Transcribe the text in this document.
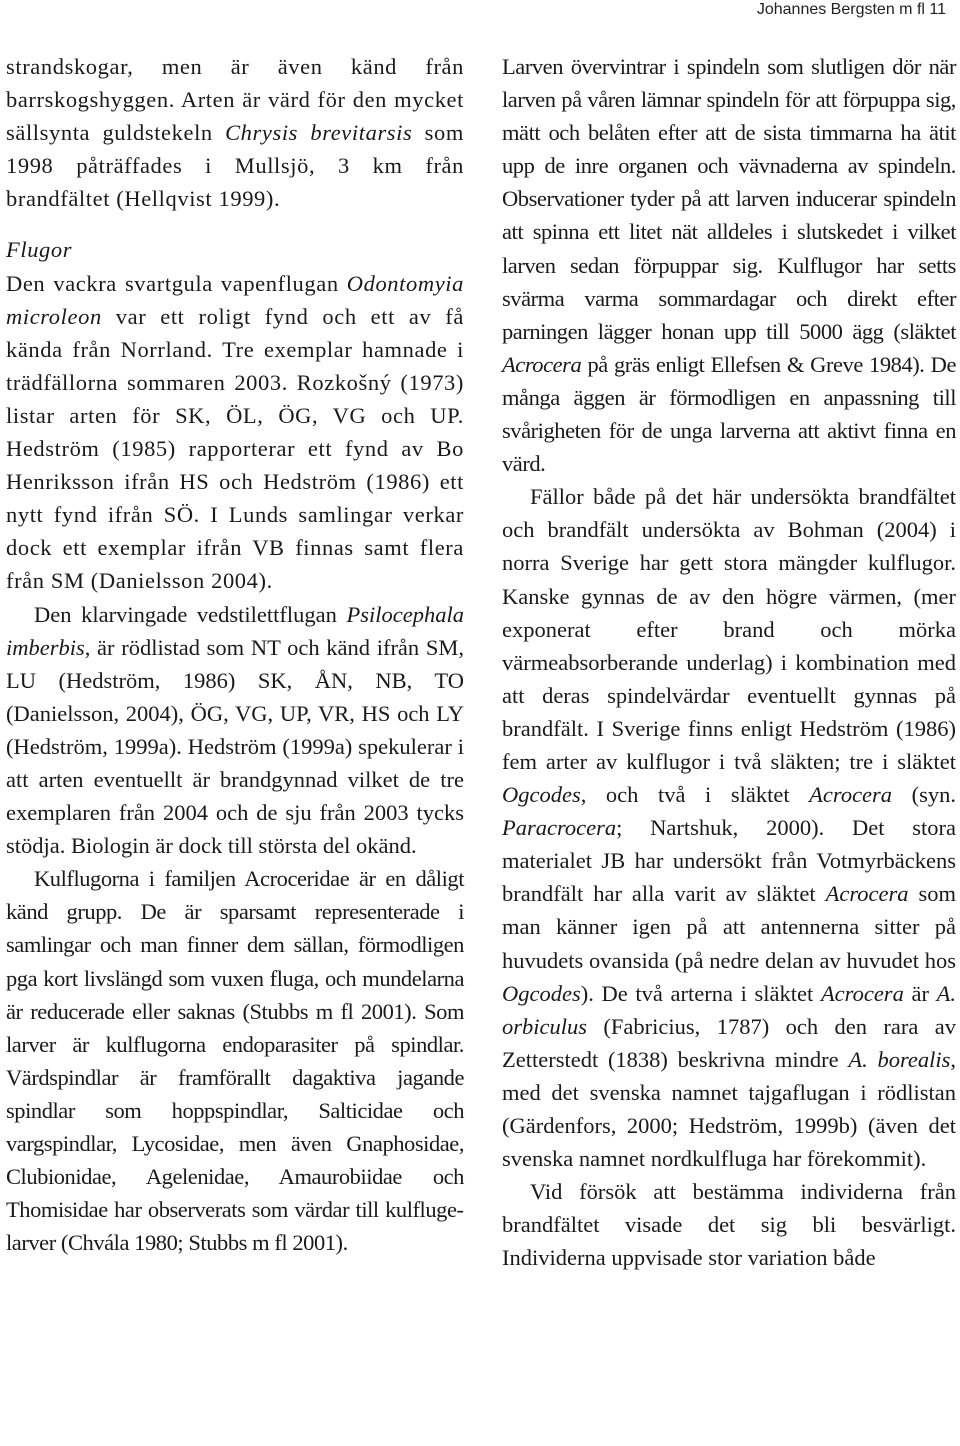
Johannes Bergsten m fl 11

strandskogar, men är även känd från barrskogshyggen. Arten är värd för den mycket sällsynta guldstekeln Chrysis brevitarsis som 1998 påträffades i Mullsjö, 3 km från brandfältet (Hellqvist 1999).

Flugor

Den vackra svartgula vapenflugan Odontomyia microleon var ett roligt fynd och ett av få kända från Norrland. Tre exemplar hamnade i trädfällorna sommaren 2003. Rozkošný (1973) listar arten för SK, ÖL, ÖG, VG och UP. Hedström (1985) rapporterar ett fynd av Bo Henriksson ifrån HS och Hedström (1986) ett nytt fynd ifrån SÖ. I Lunds samlingar verkar dock ett exemplar ifrån VB finnas samt flera från SM (Danielsson 2004).

Den klarvingade vedstilettflugan Psilocephala imberbis, är rödlistad som NT och känd ifrån SM, LU (Hedström, 1986) SK, ÅN, NB, TO (Danielsson, 2004), ÖG, VG, UP, VR, HS och LY (Hedström, 1999a). Hedström (1999a) spekulerar i att arten eventuellt är brandgynnad vilket de tre exemplaren från 2004 och de sju från 2003 tycks stödja. Biologin är dock till största del okänd.

Kulflugorna i familjen Acroceridae är en dåligt känd grupp. De är sparsamt representerade i samlingar och man finner dem sällan, förmodligen pga kort livslängd som vuxen fluga, och mundelarna är reducerade eller saknas (Stubbs m fl 2001). Som larver är kulflugorna endoparasiter på spindlar. Värdspindlar är framförallt dagaktiva jagande spindlar som hoppspindlar, Salticidae och vargspindlar, Lycosidae, men även Gnaphosidae, Clubionidae, Agelenidae, Amaurobiidae och Thomisidae har observerats som värdar till kulflugelarver (Chvála 1980; Stubbs m fl 2001).

Larven övervintrar i spindeln som slutligen dör när larven på våren lämnar spindeln för att förpuppa sig, mätt och belåten efter att de sista timmarna ha ätit upp de inre organen och vävnaderna av spindeln. Observationer tyder på att larven inducerar spindeln att spinna ett litet nät alldeles i slutskedet i vilket larven sedan förpuppar sig. Kulflugor har setts svärma varma sommardagar och direkt efter parningen lägger honan upp till 5000 ägg (släktet Acrocera på gräs enligt Ellefsen & Greve 1984). De många äggen är förmodligen en anpassning till svårigheten för de unga larverna att aktivt finna en värd.

Fällor både på det här undersökta brandfältet och brandfält undersökta av Bohman (2004) i norra Sverige har gett stora mängder kulflugor. Kanske gynnas de av den högre värmen, (mer exponerat efter brand och mörka värmeabsorberande underlag) i kombination med att deras spindelvärdar eventuellt gynnas på brandfält. I Sverige finns enligt Hedström (1986) fem arter av kulflugor i två släkten; tre i släktet Ogcodes, och två i släktet Acrocera (syn. Paracrocera; Nartshuk, 2000). Det stora materialet JB har undersökt från Votmyrbäckens brandfält har alla varit av släktet Acrocera som man känner igen på att antennerna sitter på huvudets ovansida (på nedre delan av huvudet hos Ogcodes). De två arterna i släktet Acrocera är A. orbiculus (Fabricius, 1787) och den rara av Zetterstedt (1838) beskrivna mindre A. borealis, med det svenska namnet tajgaflugan i rödlistan (Gärdenfors, 2000; Hedström, 1999b) (även det svenska namnet nordkulfluga har förekommit).

Vid försök att bestämma individerna från brandfältet visade det sig bli besvärligt. Individerna uppvisade stor variation både
